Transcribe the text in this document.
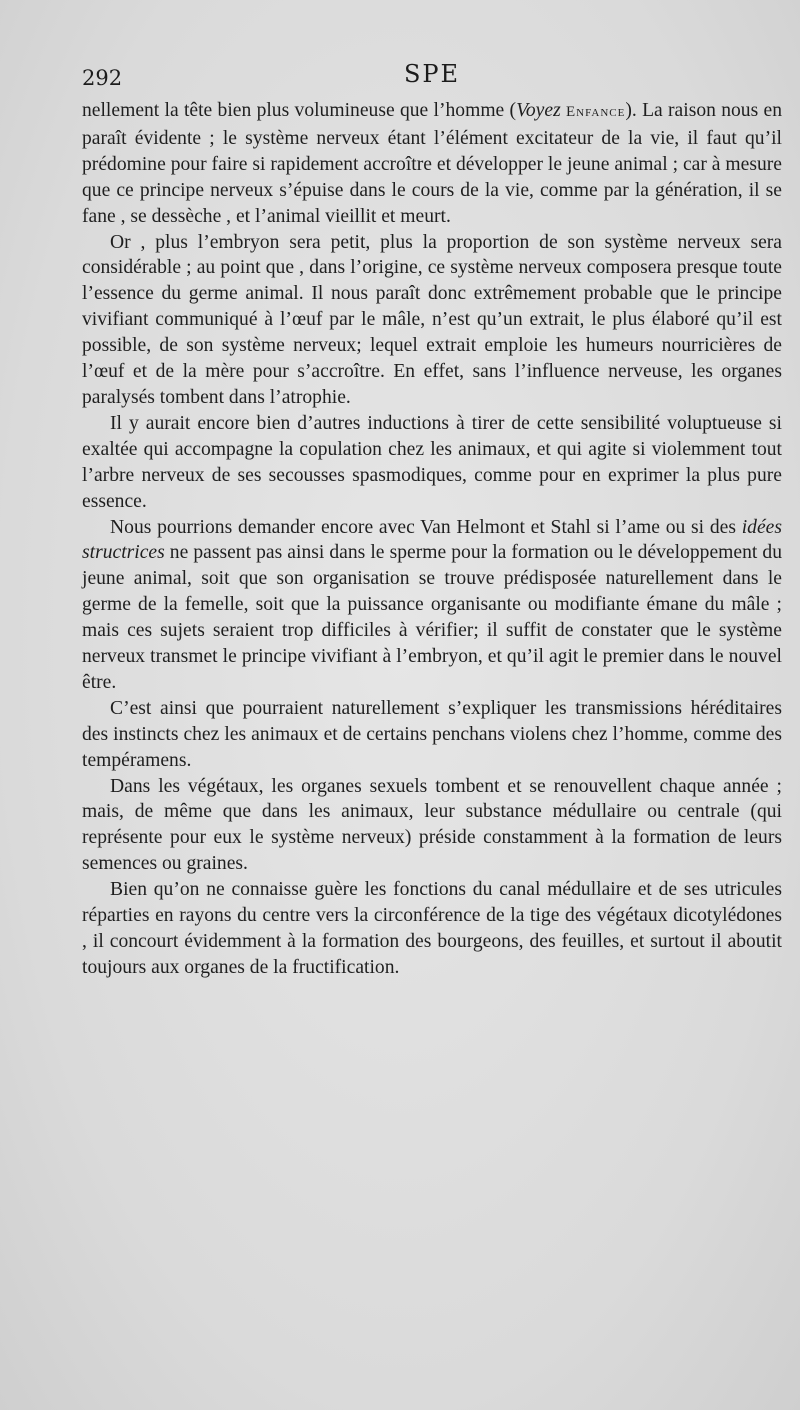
292	SPE

nellement la tête bien plus volumineuse que l’homme (Voyez Enfance). La raison nous en paraît évidente ; le système nerveux étant l’élément excitateur de la vie, il faut qu’il prédomine pour faire si rapidement accroître et développer le jeune animal ; car à mesure que ce principe nerveux s’épuise dans le cours de la vie, comme par la génération, il se fane , se dessèche , et l’animal vieillit et meurt.

Or , plus l’embryon sera petit, plus la proportion de son système nerveux sera considérable ; au point que , dans l’origine, ce système nerveux composera presque toute l’essence du germe animal. Il nous paraît donc extrêmement probable que le principe vivifiant communiqué à l’œuf par le mâle, n’est qu’un extrait, le plus élaboré qu’il est possible, de son système nerveux; lequel extrait emploie les humeurs nourricières de l’œuf et de la mère pour s’accroître. En effet, sans l’influence nerveuse, les organes paralysés tombent dans l’atrophie.

Il y aurait encore bien d’autres inductions à tirer de cette sensibilité voluptueuse si exaltée qui accompagne la copulation chez les animaux, et qui agite si violemment tout l’arbre nerveux de ses secousses spasmodiques, comme pour en exprimer la plus pure essence.

Nous pourrions demander encore avec Van Helmont et Stahl si l’ame ou si des idées structrices ne passent pas ainsi dans le sperme pour la formation ou le développement du jeune animal, soit que son organisation se trouve prédisposée naturellement dans le germe de la femelle, soit que la puissance organisante ou modifiante émane du mâle ; mais ces sujets seraient trop difficiles à vérifier; il suffit de constater que le système nerveux transmet le principe vivifiant à l’embryon, et qu’il agit le premier dans le nouvel être.

C’est ainsi que pourraient naturellement s’expliquer les transmissions héréditaires des instincts chez les animaux et de certains penchans violens chez l’homme, comme des tempéramens.

Dans les végétaux, les organes sexuels tombent et se renouvellent chaque année ; mais, de même que dans les animaux, leur substance médullaire ou centrale (qui représente pour eux le système nerveux) préside constamment à la formation de leurs semences ou graines.

Bien qu’on ne connaisse guère les fonctions du canal médullaire et de ses utricules réparties en rayons du centre vers la circonférence de la tige des végétaux dicotylédones , il concourt évidemment à la formation des bourgeons, des feuilles, et surtout il aboutit toujours aux organes de la fructification.
